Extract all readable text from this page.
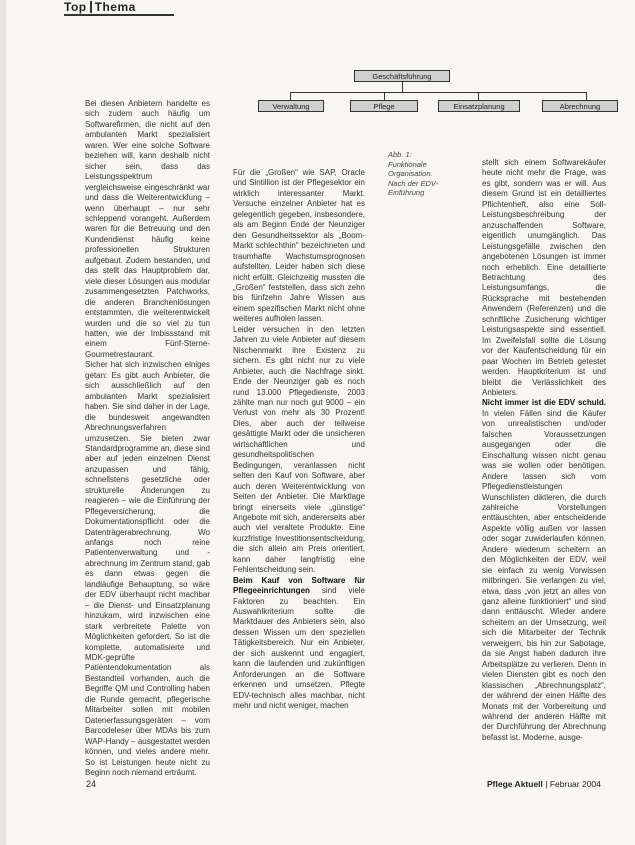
Top Thema
Geschäftsführung
Verwaltung	Pflege	Einsatzplanung	Abrechnung
Abb. 1: Funktionale Organisation. Nach der EDV-Einführung

Bei diesen Anbietern handelte es sich zudem auch häufig um Softwarefirmen, die nicht auf den ambulanten Markt spezialisiert waren. Wer eine solche Software beziehen will, kann deshalb nicht sicher sein, dass das Leistungsspektrum vergleichsweise eingeschränkt war und dass die Weiterentwicklung – wenn überhaupt – nur sehr schleppend vorangeht. Außerdem waren für die Betreuung und den Kundendienst häufig keine professionellen Strukturen aufgebaut. Zudem bestanden, und das stellt das Hauptproblem dar, viele dieser Lösungen aus modular zusammengesetzten Patchworks, die anderen Branchenlösungen entstammten, die weiterentwickelt wurden und die so viel zu tun hatten, wie der Imbissstand mit einem Fünf-Sterne-Gourmetrestaurant.

Sicher hat sich inzwischen einiges getan: Es gibt auch Anbieter, die sich ausschließlich auf den ambulanten Markt spezialisiert haben. Sie sind daher in der Lage, die bundesweit angewandten Abrechnungsverfahren umzusetzen. Sie bieten zwar Standardprogramme an, diese sind aber auf jeden einzelnen Dienst anzupassen und fähig, schnellstens gesetzliche oder strukturelle Änderungen zu reagieren – wie die Einführung der Pflegeversicherung, die Dokumentationspflicht oder die Datenträgerabrechnung. Wo anfangs noch reine Patientenverwaltung und -abrechnung im Zentrum stand, gab es dann etwas gegen die landläufige Behauptung, so wäre der EDV überhaupt nicht machbar – die Dienst- und Einsatzplanung hinzukam, wird inzwischen eine stark verbreitete Palette von Möglichkeiten gefordert. So ist die komplette, automatisierte und MDK-geprüfte Patientendokumentation als Bestandteil vorhanden, auch die Begriffe QM und Controlling haben die Runde gemacht, pflegerische Mitarbeiter sollen mit mobilen Datenerfassungsgeräten – vom Barcodeleser über MDAs bis zum WAP-Handy – ausgestattet werden können, und vieles andere mehr. So ist Leistungen heute nicht zu Beginn noch niemand erträumt.

Für die „Großen“ wie SAP, Oracle und Sintillion ist der Pflegesektor ein wirklich interessanter Markt. Versuche einzelner Anbieter hat es gelegentlich gegeben, insbesondere, als am Beginn Ende der Neunziger den Gesundheitssektor als „Boom-Markt schlechthin“ bezeichneten und traumhafte Wachstumsprognosen aufstellten. Leider haben sich diese nicht erfüllt. Gleichzeitig mussten die „Großen“ feststellen, dass sich zehn bis fünfzehn Jahre Wissen aus einem spezifischen Markt nicht ohne weiteres aufholen lassen.

Leider versuchen in den letzten Jahren zu viele Anbieter auf diesem Nischenmarkt ihre Existenz zu sichern. Es gibt nicht nur zu viele Anbieter, auch die Nachfrage sinkt. Ende der Neunziger gab es noch rund 13.000 Pflegedienste, 2003 zählte man nur noch gut 9000 – ein Verlust von mehr als 30 Prozent! Dies, aber auch der teilweise gesättigte Markt oder die unsicheren wirtschaftlichen und gesundheitspolitischen Bedingungen, veranlassen nicht selten den Kauf von Software, aber auch deren Weiterentwicklung von Seiten der Anbieter. Die Marktlage bringt einerseits viele „günstige“ Angebote mit sich, andererseits aber auch viel veraltete Produkte. Eine kurzfristige Investitionsentscheidung, die sich allein am Preis orientiert, kann daher langfristig eine Fehlentscheidung sein.

Beim Kauf von Software für Pflegeeinrichtungen sind viele Faktoren zu beachten. Ein Auswahlkriterium sollte die Marktdauer des Anbieters sein, also dessen Wissen um den speziellen Tätigkeitsbereich. Nur ein Anbieter, der sich auskennt und engagiert, kann die laufenden und zukünftigen Anforderungen an die Software erkennen und umsetzen. Pflegte EDV-technisch alles machbar, nicht mehr und nicht weniger, machen

stellt sich einem Softwarekäufer heute nicht mehr die Frage, was es gibt, sondern was er will. Aus diesem Grund ist ein detailliertes Pflichtenheft, also eine Soll-Leistungsbeschreibung der anzuschaffenden Software, eigentlich unumgänglich. Das Leistungsgefälle zwischen den angebotenen Lösungen ist immer noch erheblich. Eine detaillierte Betrachtung des Leistungsumfangs, die Rücksprache mit bestehenden Anwendern (Referenzen) und die schriftliche Zusicherung wichtiger Leistungsaspekte sind essentiell. Im Zweifelsfall sollte die Lösung vor der Kaufentscheidung für ein paar Wochen im Betrieb getestet werden. Hauptkriterium ist und bleibt die Verlässlichkeit des Anbieters.

Nicht immer ist die EDV schuld. In vielen Fällen sind die Käufer von unrealistischen und/oder falschen Voraussetzungen ausgegangen oder die Einschaltung wissen nicht genau was sie wollen oder benötigen. Andere lassen sich vom Pflegedienstleistungen Wunschlisten diktieren, die durch zahlreiche Vorstellungen enttäuschten, aber entscheidende Aspekte völlig außen vor lassen oder sogar zuwiderlaufen können. Andere wiederum scheitern an den Möglichkeiten der EDV, weil sie einfach zu wenig Vorwissen mitbringen. Sie verlangen zu viel, etwa, dass „von jetzt an alles von ganz alleine funktioniert“ und sind dann enttäuscht. Wieder andere scheitern an der Umsetzung, weil sich die Mitarbeiter der Technik verweigern, bis hin zur Sabotage, da sie Angst haben dadurch ihre Arbeitsplätze zu verlieren. Denn in vielen Diensten gibt es noch den klassischen „Abrechnungsplatz“, der während der einen Hälfte des Monats mit der Vorbereitung und während der anderen Hälfte mit der Durchführung der Abrechnung befasst ist. Moderne, ausge-

24	Pflege Aktuell | Februar 2004
